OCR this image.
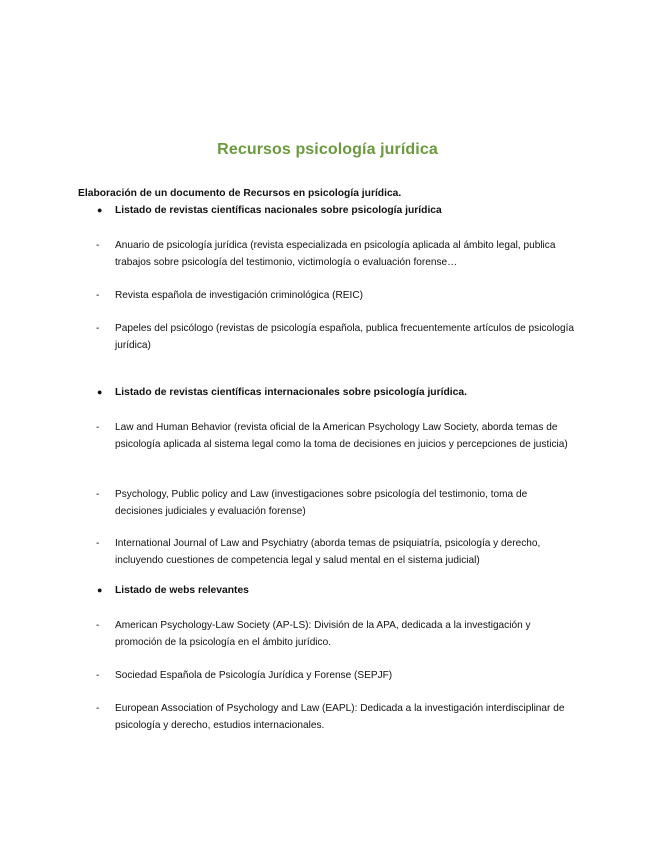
Recursos psicología jurídica
Elaboración de un documento de Recursos en psicología jurídica.
● Listado de revistas científicas nacionales sobre psicología jurídica
- Anuario de psicología jurídica (revista especializada en psicología aplicada al ámbito legal, publica trabajos sobre psicología del testimonio, victimología o evaluación forense…
- Revista española de investigación criminológica (REIC)
- Papeles del psicólogo (revistas de psicología española, publica frecuentemente artículos de psicología jurídica)
● Listado de revistas científicas internacionales sobre psicología jurídica.
- Law and Human Behavior (revista oficial de la American Psychology Law Society, aborda temas de psicología aplicada al sistema legal como la toma de decisiones en juicios y percepciones de justicia)
- Psychology, Public policy and Law (investigaciones sobre psicología del testimonio, toma de decisiones judiciales y evaluación forense)
- International Journal of Law and Psychiatry (aborda temas de psiquiatría, psicología y derecho, incluyendo cuestiones de competencia legal y salud mental en el sistema judicial)
● Listado de webs relevantes
- American Psychology-Law Society (AP-LS): División de la APA, dedicada a la investigación y promoción de la psicología en el ámbito jurídico.
- Sociedad Española de Psicología Jurídica y Forense (SEPJF)
- European Association of Psychology and Law (EAPL): Dedicada a la investigación interdisciplinar de psicología y derecho, estudios internacionales.
